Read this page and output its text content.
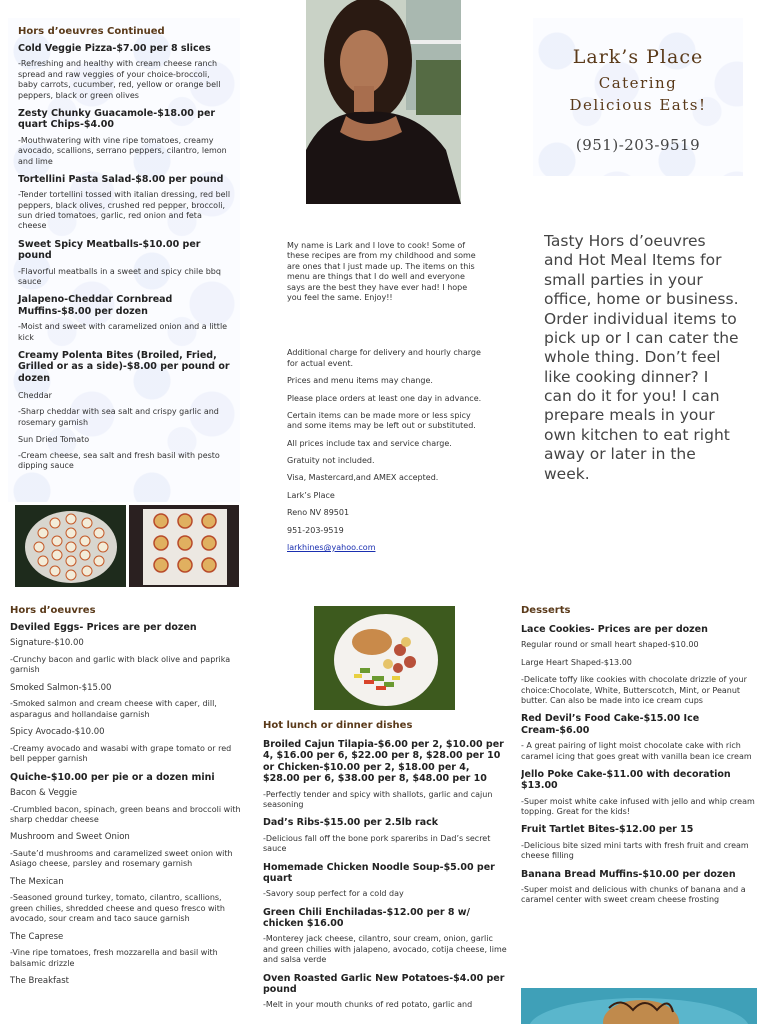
Hors d’oeuvres Continued
Cold Veggie Pizza-$7.00 per 8 slices
-Refreshing and healthy with cream cheese ranch spread and raw veggies of your choice-broccoli, baby carrots, cucumber, red, yellow or orange bell peppers, black or green olives
Zesty Chunky Guacamole-$18.00 per quart Chips-$4.00
-Mouthwatering with vine ripe tomatoes, creamy avocado, scallions, serrano peppers, cilantro, lemon and lime
Tortellini Pasta Salad-$8.00 per pound
-Tender tortellini tossed with italian dressing, red bell peppers, black olives, crushed red pepper, broccoli, sun dried tomatoes, garlic, red onion and feta cheese
Sweet Spicy Meatballs-$10.00 per pound
-Flavorful meatballs in a sweet and spicy chile bbq sauce
Jalapeno-Cheddar Cornbread Muffins-$8.00 per dozen
-Moist and sweet with caramelized onion and a little kick
Creamy Polenta Bites (Broiled, Fried, Grilled or as a side)-$8.00 per pound or dozen
Cheddar
-Sharp cheddar with sea salt and crispy garlic and rosemary garnish
Sun Dried Tomato
-Cream cheese, sea salt and fresh basil with pesto dipping sauce
My name is Lark and I love to cook! Some of these recipes are from my childhood and some are ones that I just made up. The items on this menu are things that I do well and everyone says are the best they have ever had! I hope you feel the same. Enjoy!!
Additional charge for delivery and hourly charge for actual event.
Prices and menu items may change.
Please place orders at least one day in advance.
Certain items can be made more or less spicy and some items may be left out or substituted.
All prices include tax and service charge.
Gratuity not included.
Visa, Mastercard,and AMEX accepted.
Lark’s Place
Reno NV 89501
951-203-9519
larkhines@yahoo.com
Lark’s Place
Catering
Delicious Eats!
(951)-203-9519
Tasty Hors d’oeuvres and Hot Meal Items for small parties in your office, home or business. Order individual items to pick up or I can cater the whole thing. Don’t feel like cooking dinner? I can do it for you! I can prepare meals in your own kitchen to eat right away or later in the week.
Hors d’oeuvres
Deviled Eggs- Prices are per dozen
Signature-$10.00
-Crunchy bacon and garlic with black olive and paprika garnish
Smoked Salmon-$15.00
-Smoked salmon and cream cheese with caper, dill, asparagus and hollandaise garnish
Spicy Avocado-$10.00
-Creamy avocado and wasabi with grape tomato or red bell pepper garnish
Quiche-$10.00 per pie or a dozen mini
Bacon & Veggie
-Crumbled bacon, spinach, green beans and broccoli with sharp cheddar cheese
Mushroom and Sweet Onion
-Saute’d mushrooms and caramelized sweet onion with Asiago cheese, parsley and rosemary garnish
The Mexican
-Seasoned ground turkey, tomato, cilantro, scallions, green chilies, shredded cheese and queso fresco with avocado, sour cream and taco sauce garnish
The Caprese
-Vine ripe tomatoes, fresh mozzarella and basil with balsamic drizzle
The Breakfast
Hot lunch or dinner dishes
Broiled Cajun Tilapia-$6.00 per 2, $10.00 per 4, $16.00 per 6, $22.00 per 8, $28.00 per 10 or Chicken-$10.00 per 2, $18.00 per 4, $28.00 per 6, $38.00 per 8, $48.00 per 10
-Perfectly tender and spicy with shallots, garlic and cajun seasoning
Dad’s Ribs-$15.00 per 2.5lb rack
-Delicious fall off the bone pork spareribs in Dad’s secret sauce
Homemade Chicken Noodle Soup-$5.00 per quart
-Savory soup perfect for a cold day
Green Chili Enchiladas-$12.00 per 8 w/ chicken $16.00
-Monterey jack cheese, cilantro, sour cream, onion, garlic and green chilies with jalapeno, avocado, cotija cheese, lime and salsa verde
Oven Roasted Garlic New Potatoes-$4.00 per pound
-Melt in your mouth chunks of red potato, garlic and
Desserts
Lace Cookies- Prices are per dozen
Regular round or small heart shaped-$10.00
Large Heart Shaped-$13.00
-Delicate toffy like cookies with chocolate drizzle of your choice:Chocolate, White, Butterscotch, Mint, or Peanut butter. Can also be made into ice cream cups
Red Devil’s Food Cake-$15.00 Ice Cream-$6.00
- A great pairing of light moist chocolate cake with rich caramel icing that goes great with vanilla bean ice cream
Jello Poke Cake-$11.00 with decoration $13.00
-Super moist white cake infused with jello and whip cream topping. Great for the kids!
Fruit Tartlet Bites-$12.00 per 15
-Delicious bite sized mini tarts with fresh fruit and cream cheese filling
Banana Bread Muffins-$10.00 per dozen
-Super moist and delicious with chunks of banana and a caramel center with sweet cream cheese frosting
